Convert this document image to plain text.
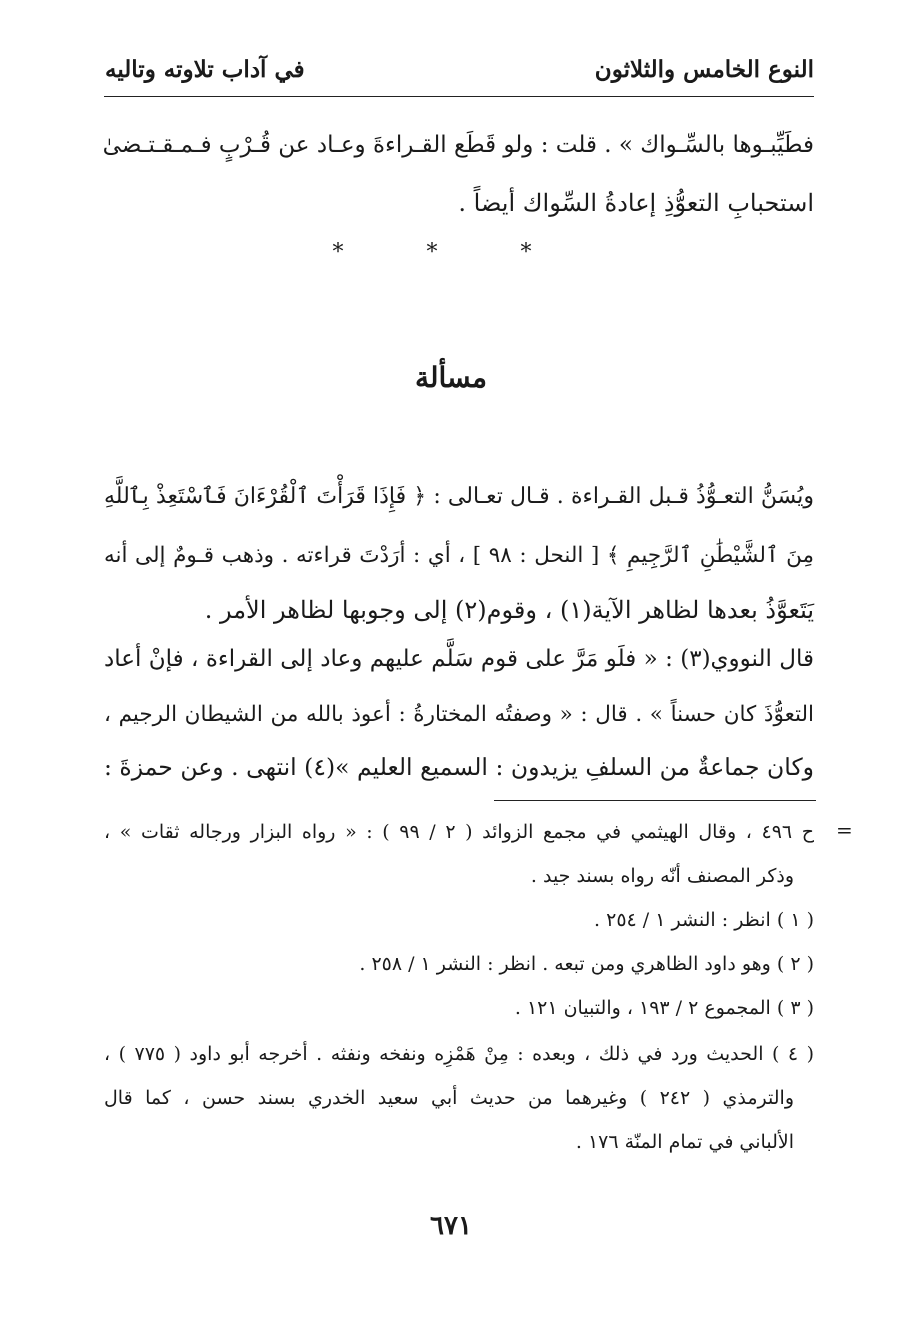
النوع الخامس والثلاثون
في آداب تلاوته وتاليه
فطَيِّبـوها بالسِّـواك » . قلت : ولو قَطَع القـراءةَ وعـاد عن قُـرْبٍ فـمـقـتـضىٰ
استحبابِ التعوُّذِ إعادةُ السِّواك أيضاً .
* * *
مسألة
ويُسَنُّ التعـوُّذُ قـبل القـراءة . قـال تعـالى : ﴿ فَإِذَا قَرَأْتَ ٱلْقُرْءَانَ فَٱسْتَعِذْ بِٱللَّهِ
مِنَ ٱلشَّيْطَٰنِ ٱلرَّجِيمِ ﴾ [ النحل : ٩٨ ] ، أي : أرَدْتَ قراءته . وذهب قـومٌ إلى أنه
يَتَعوَّذُ بعدها لظاهر الآية(١) ، وقوم(٢) إلى وجوبها لظاهر الأمر .
قال النووي(٣) : « فلَو مَرَّ على قوم سَلَّم عليهم وعاد إلى القراءة ، فإنْ أعاد
التعوُّذَ كان حسناً » . قال : « وصفتُه المختارةُ : أعوذ بالله من الشيطان الرجيم ،
وكان جماعةٌ من السلفِ يزيدون : السميع العليم »(٤) انتهى . وعن حمزةَ :
=
ح ٤٩٦ ، وقال الهيثمي في مجمع الزوائد ( ٢ / ٩٩ ) : « رواه البزار ورجاله ثقات » ،
وذكر المصنف أنّه رواه بسند جيد .
( ١ ) انظر : النشر ١ / ٢٥٤ .
( ٢ ) وهو داود الظاهري ومن تبعه . انظر : النشر ١ / ٢٥٨ .
( ٣ ) المجموع ٢ / ١٩٣ ، والتبيان ١٢١ .
( ٤ ) الحديث ورد في ذلك ، وبعده : مِنْ هَمْزِه ونفخه ونفثه . أخرجه أبو داود ( ٧٧٥ ) ،
والترمذي ( ٢٤٢ ) وغيرهما من حديث أبي سعيد الخدري بسند حسن ، كما قال
الألباني في تمام المنّة ١٧٦ .
٦٧١
